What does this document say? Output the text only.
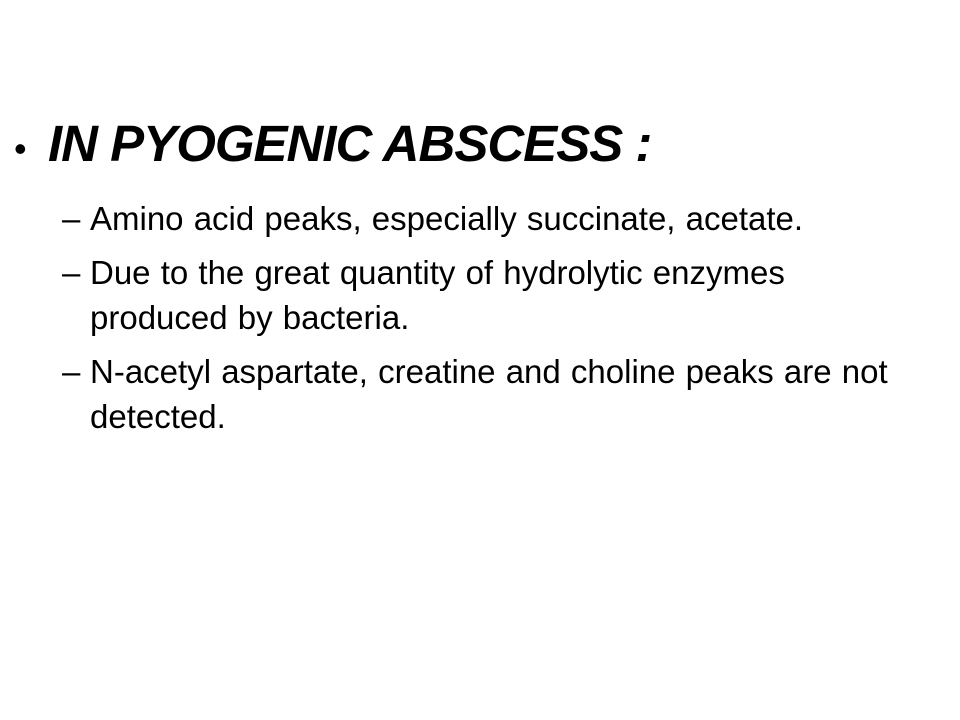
• IN PYOGENIC ABSCESS :
– Amino acid peaks, especially succinate, acetate.
– Due to the great quantity of hydrolytic enzymes produced by bacteria.
– N-acetyl aspartate, creatine and choline peaks are not detected.
